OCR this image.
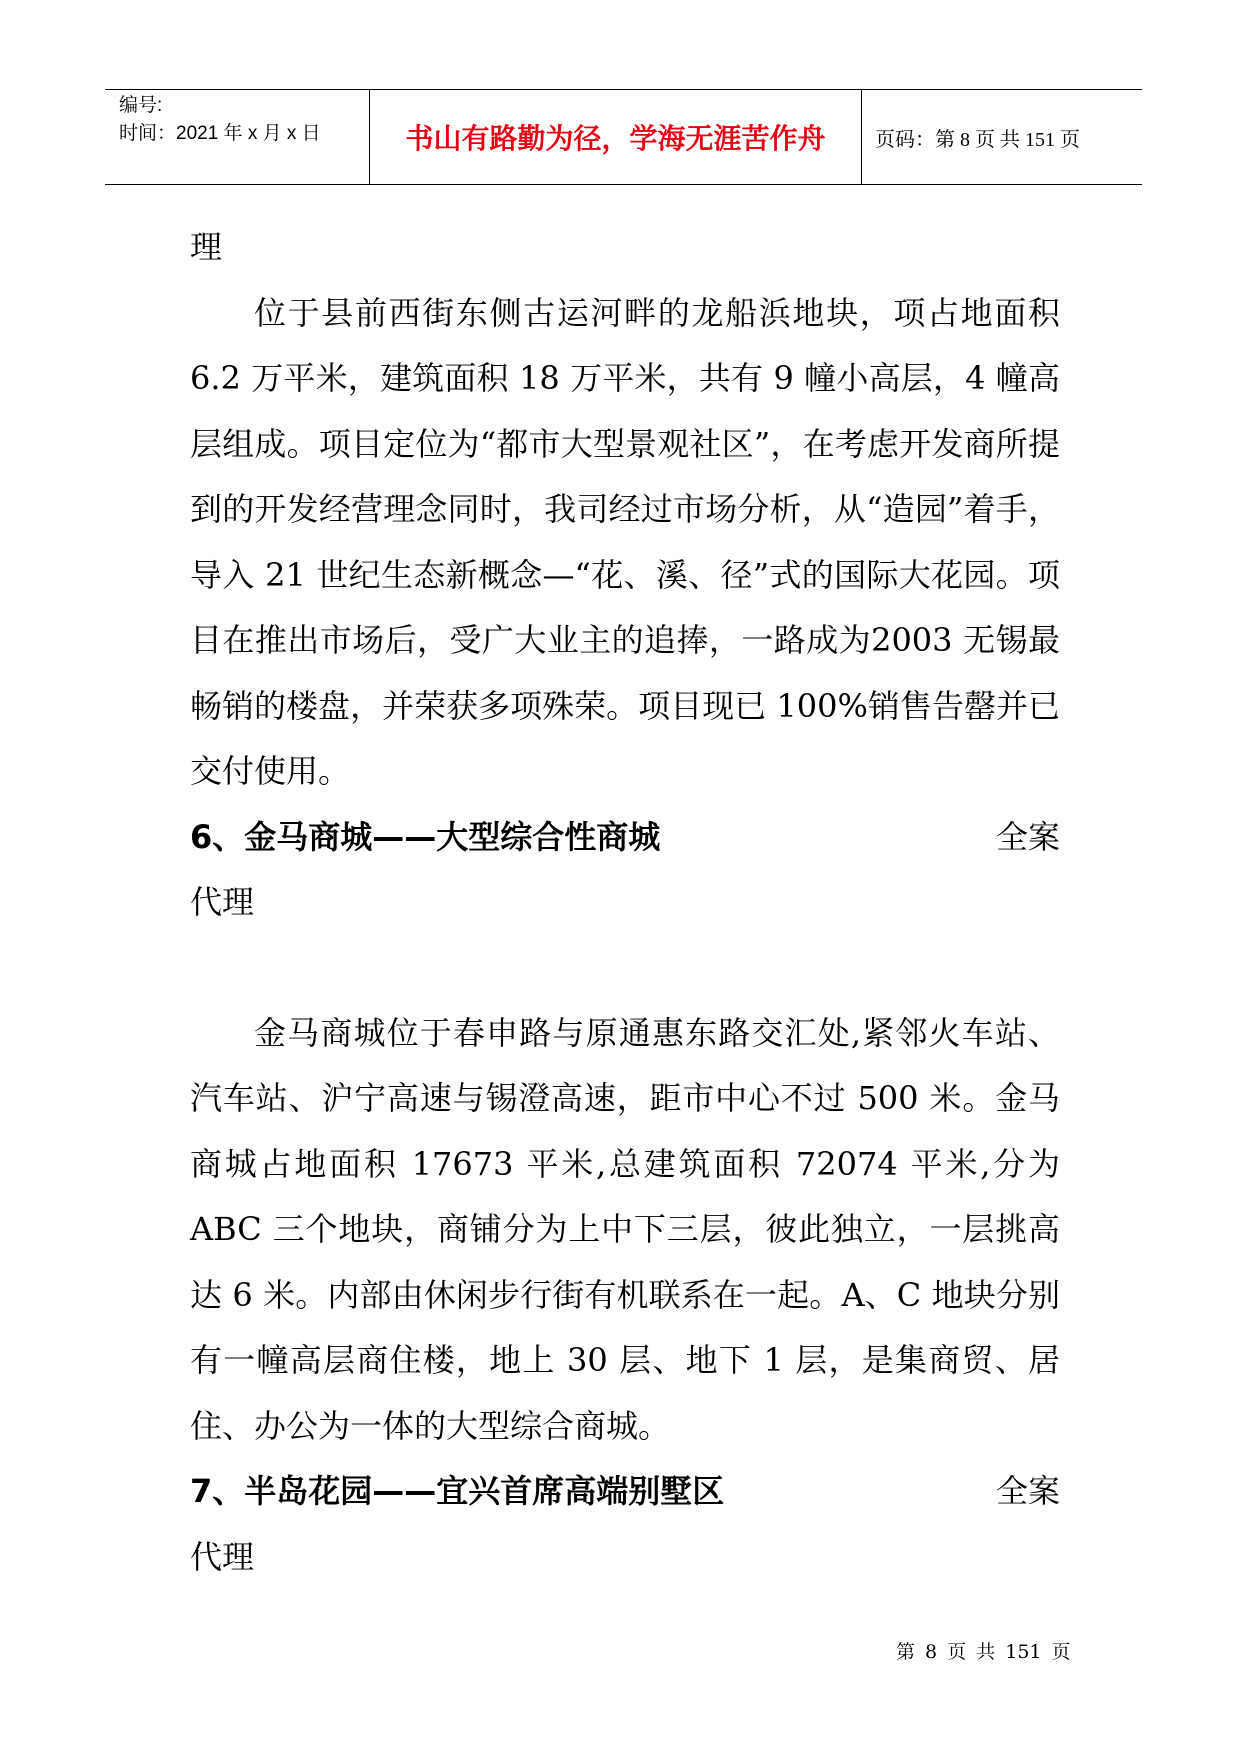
编号:
时间：2021 年 x 月 x 日	书山有路勤为径，学海无涯苦作舟	页码：第 8 页 共 151 页

理

位于县前西街东侧古运河畔的龙船浜地块，项占地面积6.2 万平米，建筑面积 18 万平米，共有 9 幢小高层，4 幢高层组成。项目定位为“都市大型景观社区”，在考虑开发商所提到的开发经营理念同时，我司经过市场分析，从“造园”着手，导入 21 世纪生态新概念—“花、溪、径”式的国际大花园。项目在推出市场后，受广大业主的追捧，一路成为2003 无锡最畅销的楼盘，并荣获多项殊荣。项目现已 100%销售告罄并已交付使用。

6、金马商城——大型综合性商城	全案

代理

金马商城位于春申路与原通惠东路交汇处,紧邻火车站、汽车站、沪宁高速与锡澄高速，距市中心不过 500 米。金马商城占地面积 17673 平米,总建筑面积 72074 平米,分为 ABC 三个地块，商铺分为上中下三层，彼此独立，一层挑高达 6 米。内部由休闲步行街有机联系在一起。A、C 地块分别有一幢高层商住楼，地上 30 层、地下 1 层，是集商贸、居住、办公为一体的大型综合商城。

7、半岛花园——宜兴首席高端别墅区	全案

代理

第 8 页 共 151 页
